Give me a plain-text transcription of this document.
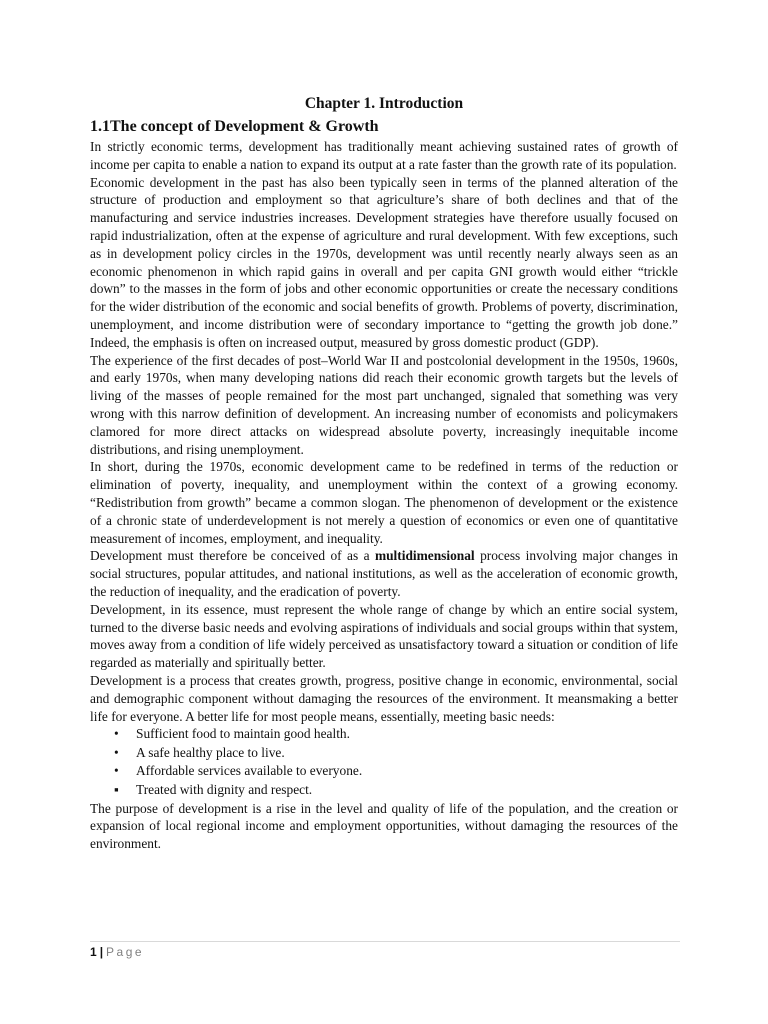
Chapter 1. Introduction
1.1The concept of Development & Growth

In strictly economic terms, development has traditionally meant achieving sustained rates of growth of income per capita to enable a nation to expand its output at a rate faster than the growth rate of its population.

Economic development in the past has also been typically seen in terms of the planned alteration of the structure of production and employment so that agriculture’s share of both declines and that of the manufacturing and service industries increases. Development strategies have therefore usually focused on rapid industrialization, often at the expense of agriculture and rural development. With few exceptions, such as in development policy circles in the 1970s, development was until recently nearly always seen as an economic phenomenon in which rapid gains in overall and per capita GNI growth would either “trickle down” to the masses in the form of jobs and other economic opportunities or create the necessary conditions for the wider distribution of the economic and social benefits of growth. Problems of poverty, discrimination, unemployment, and income distribution were of secondary importance to “getting the growth job done.” Indeed, the emphasis is often on increased output, measured by gross domestic product (GDP).

The experience of the first decades of post–World War II and postcolonial development in the 1950s, 1960s, and early 1970s, when many developing nations did reach their economic growth targets but the levels of living of the masses of people remained for the most part unchanged, signaled that something was very wrong with this narrow definition of development. An increasing number of economists and policymakers clamored for more direct attacks on widespread absolute poverty, increasingly inequitable income distributions, and rising unemployment.

In short, during the 1970s, economic development came to be redefined in terms of the reduction or elimination of poverty, inequality, and unemployment within the context of a growing economy. “Redistribution from growth” became a common slogan. The phenomenon of development or the existence of a chronic state of underdevelopment is not merely a question of economics or even one of quantitative measurement of incomes, employment, and inequality.

Development must therefore be conceived of as a multidimensional process involving major changes in social structures, popular attitudes, and national institutions, as well as the acceleration of economic growth, the reduction of inequality, and the eradication of poverty.

Development, in its essence, must represent the whole range of change by which an entire social system, turned to the diverse basic needs and evolving aspirations of individuals and social groups within that system, moves away from a condition of life widely perceived as unsatisfactory toward a situation or condition of life regarded as materially and spiritually better.

Development is a process that creates growth, progress, positive change in economic, environmental, social and demographic component without damaging the resources of the environment. It meansmaking a better life for everyone. A better life for most people means, essentially, meeting basic needs:

•	Sufficient food to maintain good health.
•	A safe healthy place to live.
•	Affordable services available to everyone.
▪	Treated with dignity and respect.

The purpose of development is a rise in the level and quality of life of the population, and the creation or expansion of local regional income and employment opportunities, without damaging the resources of the environment.

1 | Page
